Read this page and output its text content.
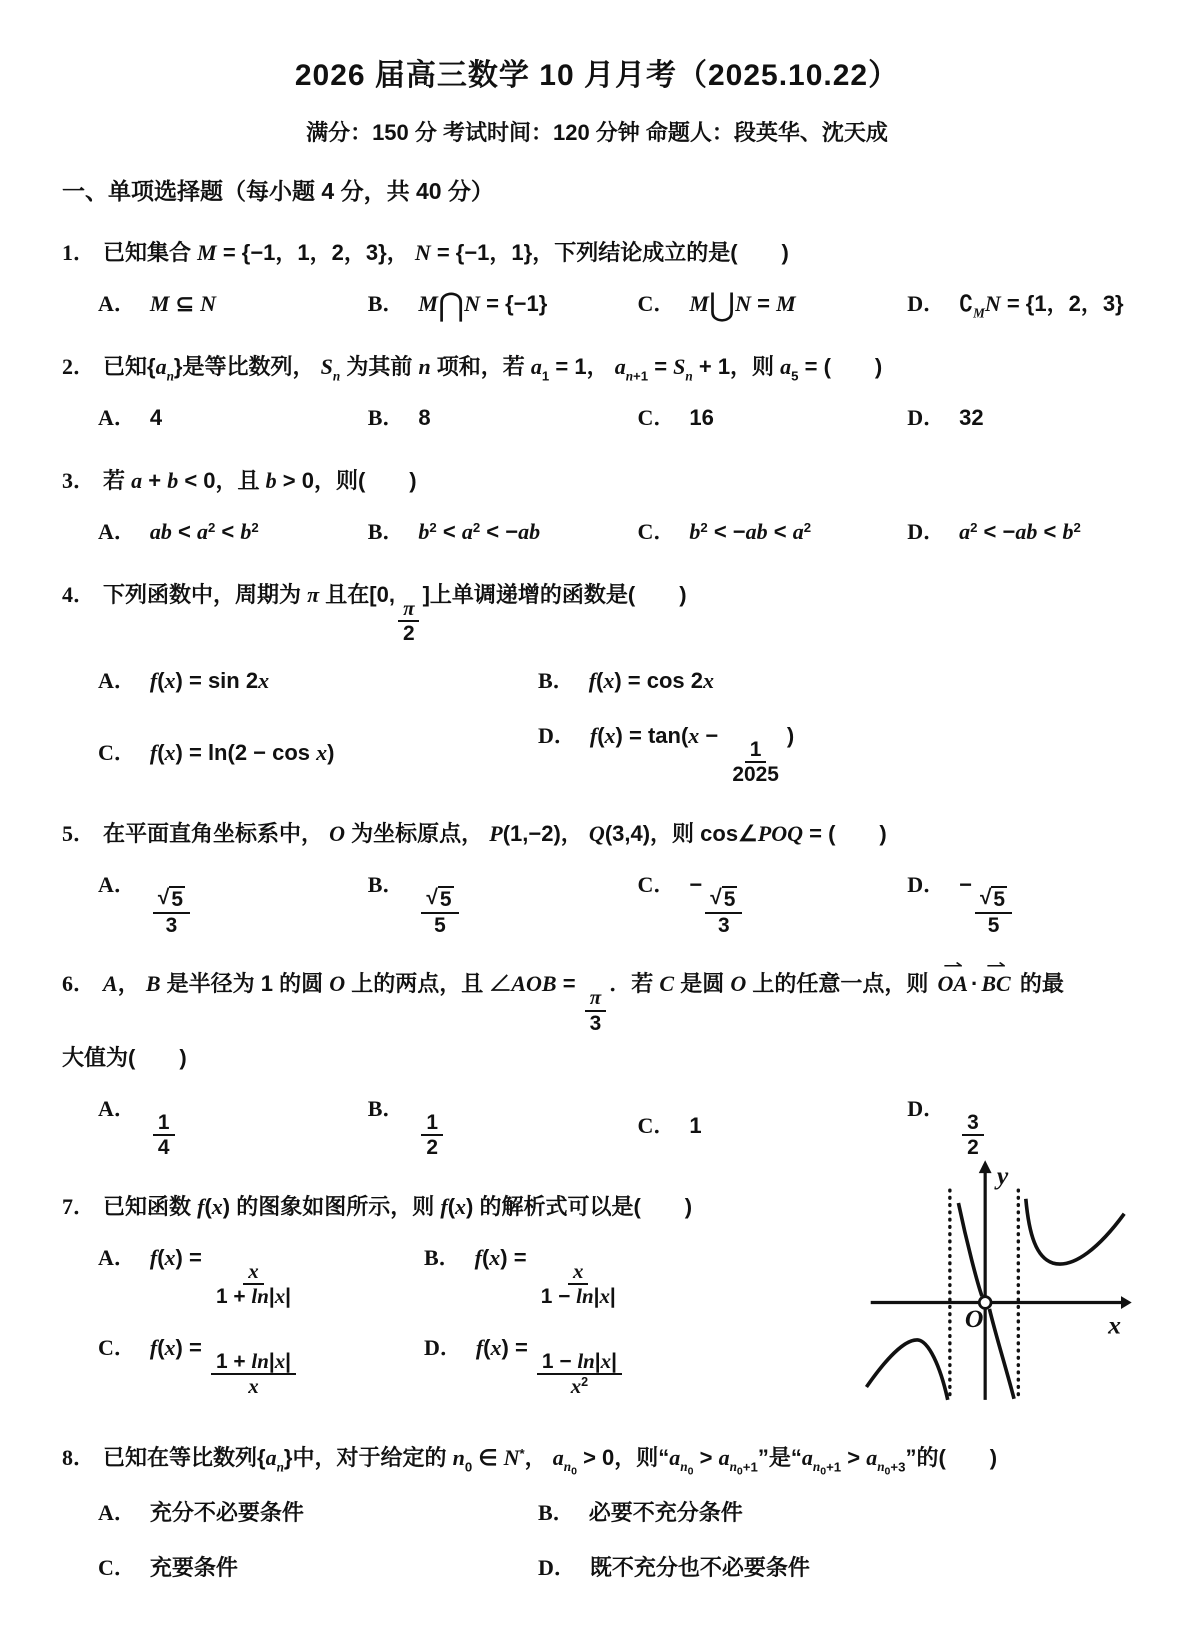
2026 届高三数学 10 月月考（2025.10.22）
满分：150 分 考试时间：120 分钟 命题人：段英华、沈天成
一、单项选择题（每小题 4 分，共 40 分）
1． 已知集合 M = {−1，1，2，3}， N = {−1，1}，下列结论成立的是(　　)
A． M ⊆ N	B． M⋂N = {−1}	C． M⋃N = M	D． $∁_MN = \{1$，2，3}
2． 已知$\{a_n\}$是等比数列， $S_n$ 为其前 n 项和，若 $a_1 = 1$， $a_{n+1} = S_n + 1$，则 $a_5$ = (　　)
A． 4	B． 8	C． 16	D． 32
3． 若 a + b < 0，且 b > 0，则(　　)
A． ab < $a^2 < b^2$	B． $b^2 < a^2 < -ab$	C． $b^2 < -ab < a^2$	D． $a^2 < -ab < b^2$
4． 下列函数中，周期为 π 且在[0,
$\frac{\pi}{2}$
]上单调递增的函数是(　　)
A． f(x) = sin 2x	B． f(x) = cos 2x
C． f(x) = ln(2 − cos x)
D． f(x) = tan(x −
$\frac{1}{2025}$
)
5． 在平面直角坐标系中， O 为坐标原点， P(1,−2)， Q(3,4)，则 cos∠POQ = (　　)
A．
$\frac{√ 5}{3}$
B．
$\frac{√ 5}{5}$
C． −
$\frac{√ 5}{3}$
D． −
$\frac{√ 5}{5}$
6． A， B 是半径为 1 的圆 O 上的两点，且 ∠AOB =
$\frac{\pi}{3}$
．若 C 是圆 O 上的任意一点，则
⇀
OA ·
⇀
BC 的最
大值为(　　)
A．
$\frac{1}{4}$
B．
$\frac{1}{2}$	C． 1
D．
$\frac{3}{2}$
7． 已知函数 f(x) 的图象如图所示，则 f(x) 的解析式可以是(　　)
A． f(x) =
$\frac{x}{1 + \ln|x|}$
B． f(x) =
$\frac{x}{1 - \ln|x|}$
C． f(x) =
$\frac{1 + \ln|x|}{x}$
D． f(x) =
$\frac{1 - \ln|x|}{x^2}$
y
x
O
8． 已知在等比数列$\{a_n\}$中，对于给定的 $n_0$ ∈ N*， $a_{n_0} > 0$，则“$a_{n_0} > a_{n_0+1}$”是“$a_{n_0+1} > a_{n_0+3}$”的(　　)
A． 充分不必要条件	B． 必要不充分条件
C． 充要条件	D． 既不充分也不必要条件
